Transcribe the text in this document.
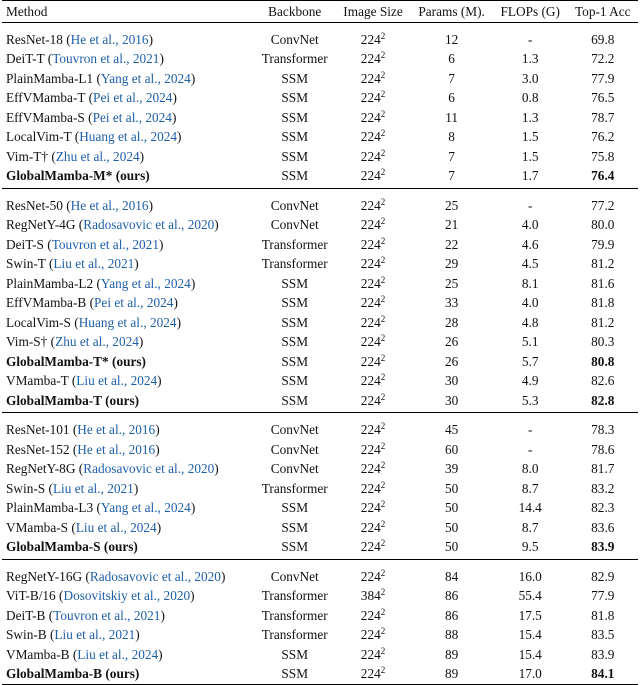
Method	Backbone	Image Size	Params (M).	FLOPs (G)	Top-1 Acc
ResNet-18 (He et al., 2016)	ConvNet	$224^2$	12	-	69.8
DeiT-T (Touvron et al., 2021)	Transformer	$224^2$	6	1.3	72.2
PlainMamba-L1 (Yang et al., 2024)	SSM	$224^2$	7	3.0	77.9
EffVMamba-T (Pei et al., 2024)	SSM	$224^2$	6	0.8	76.5
EffVMamba-S (Pei et al., 2024)	SSM	$224^2$	11	1.3	78.7
LocalVim-T (Huang et al., 2024)	SSM	$224^2$	8	1.5	76.2
Vim-T† (Zhu et al., 2024)	SSM	$224^2$	7	1.5	75.8
GlobalMamba-M* (ours)	SSM	$224^2$	7	1.7	76.4
ResNet-50 (He et al., 2016)	ConvNet	$224^2$	25	-	77.2
RegNetY-4G (Radosavovic et al., 2020)	ConvNet	$224^2$	21	4.0	80.0
DeiT-S (Touvron et al., 2021)	Transformer	$224^2$	22	4.6	79.9
Swin-T (Liu et al., 2021)	Transformer	$224^2$	29	4.5	81.2
PlainMamba-L2 (Yang et al., 2024)	SSM	$224^2$	25	8.1	81.6
EffVMamba-B (Pei et al., 2024)	SSM	$224^2$	33	4.0	81.8
LocalVim-S (Huang et al., 2024)	SSM	$224^2$	28	4.8	81.2
Vim-S† (Zhu et al., 2024)	SSM	$224^2$	26	5.1	80.3
GlobalMamba-T* (ours)	SSM	$224^2$	26	5.7	80.8
VMamba-T (Liu et al., 2024)	SSM	$224^2$	30	4.9	82.6
GlobalMamba-T (ours)	SSM	$224^2$	30	5.3	82.8
ResNet-101 (He et al., 2016)	ConvNet	$224^2$	45	-	78.3
ResNet-152 (He et al., 2016)	ConvNet	$224^2$	60	-	78.6
RegNetY-8G (Radosavovic et al., 2020)	ConvNet	$224^2$	39	8.0	81.7
Swin-S (Liu et al., 2021)	Transformer	$224^2$	50	8.7	83.2
PlainMamba-L3 (Yang et al., 2024)	SSM	$224^2$	50	14.4	82.3
VMamba-S (Liu et al., 2024)	SSM	$224^2$	50	8.7	83.6
GlobalMamba-S (ours)	SSM	$224^2$	50	9.5	83.9
RegNetY-16G (Radosavovic et al., 2020)	ConvNet	$224^2$	84	16.0	82.9
ViT-B/16 (Dosovitskiy et al., 2020)	Transformer	$384^2$	86	55.4	77.9
DeiT-B (Touvron et al., 2021)	Transformer	$224^2$	86	17.5	81.8
Swin-B (Liu et al., 2021)	Transformer	$224^2$	88	15.4	83.5
VMamba-B (Liu et al., 2024)	SSM	$224^2$	89	15.4	83.9
GlobalMamba-B (ours)	SSM	$224^2$	89	17.0	84.1
